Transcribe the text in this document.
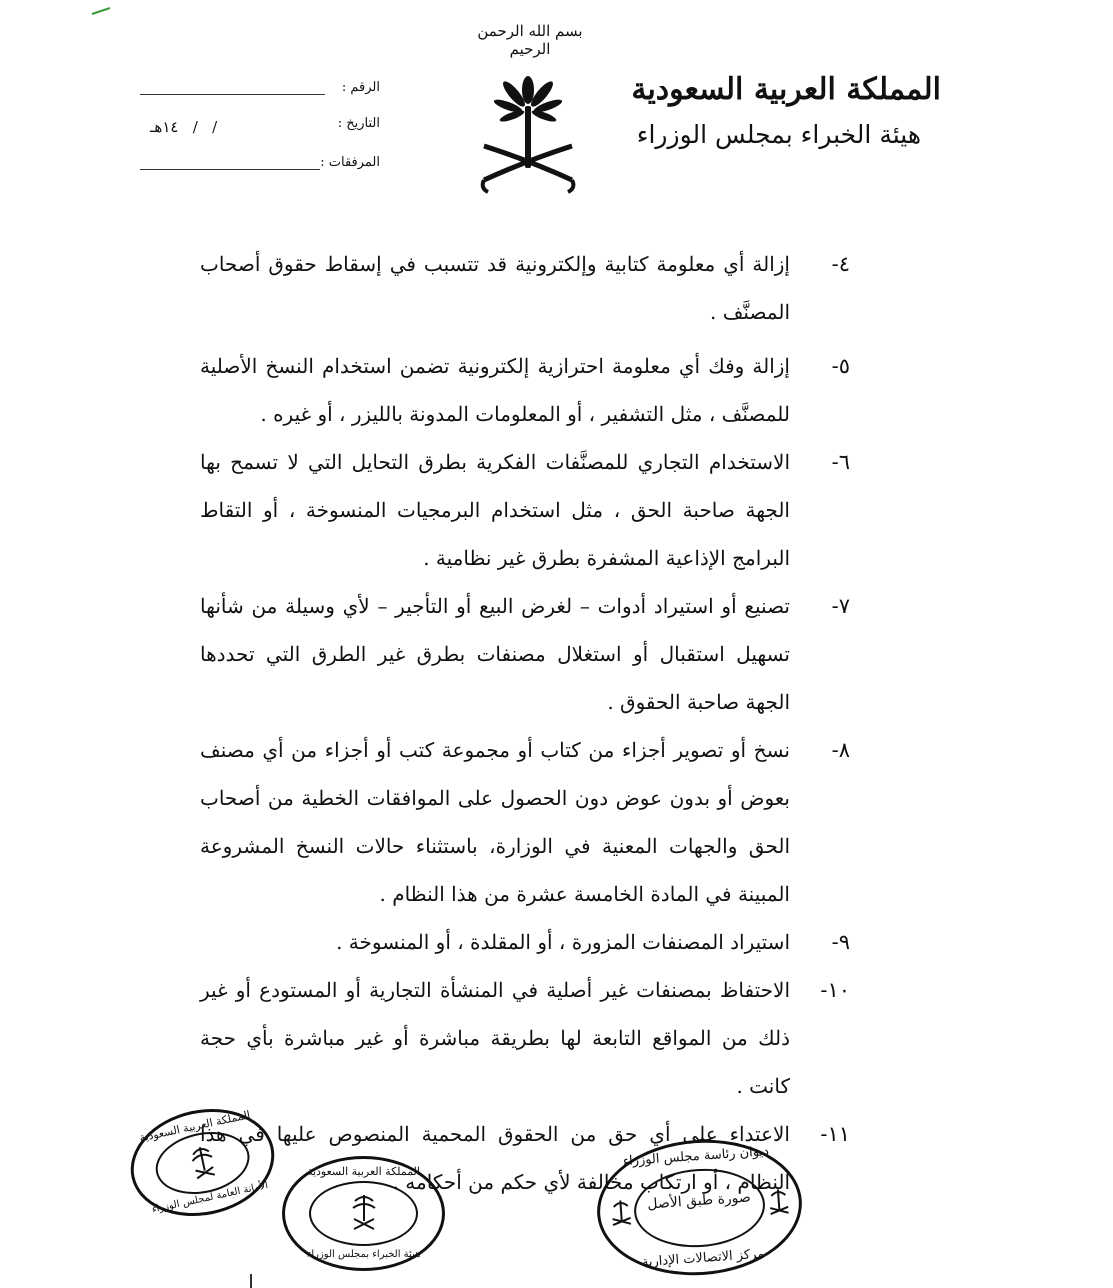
بسم الله الرحمن الرحيم
المملكة العربية السعودية
هيئة الخبراء بمجلس الوزراء
الرقم :
التاريخ :
/   /   ١٤هـ
المرفقات :
٤-
إزالة أي معلومة كتابية وإلكترونية قد تتسبب في إسقاط حقوق أصحاب المصنَّف .
٥-
إزالة وفك أي معلومة احترازية إلكترونية تضمن استخدام النسخ الأصلية للمصنَّف ، مثل التشفير ، أو المعلومات المدونة بالليزر ، أو غيره .
٦-
الاستخدام التجاري للمصنَّفات الفكرية بطرق التحايل التي لا تسمح بها الجهة صاحبة الحق ، مثل استخدام البرمجيات المنسوخة ، أو التقاط البرامج الإذاعية المشفرة بطرق غير نظامية .
٧-
تصنيع أو استيراد أدوات – لغرض البيع أو التأجير – لأي وسيلة من شأنها تسهيل استقبال أو استغلال مصنفات بطرق غير الطرق التي تحددها الجهة صاحبة الحقوق .
٨-
نسخ أو تصوير أجزاء من كتاب أو مجموعة كتب أو أجزاء من أي مصنف بعوض أو بدون عوض دون الحصول على الموافقات الخطية من أصحاب الحق والجهات المعنية في الوزارة، باستثناء حالات النسخ المشروعة المبينة في المادة الخامسة عشرة من هذا النظام .
٩-
استيراد المصنفات المزورة ، أو المقلدة ، أو المنسوخة .
١٠-
الاحتفاظ بمصنفات غير أصلية في المنشأة التجارية أو المستودع أو غير ذلك من المواقع التابعة لها بطريقة مباشرة أو غير مباشرة بأي حجة كانت .
١١-
الاعتداء على أي حق من الحقوق المحمية المنصوص عليها في هذا النظام ، أو ارتكاب مخالفة لأي حكم من أحكامه .
المملكة العربية السعودية
الأمانة العامة لمجلس الوزراء
المملكة العربية السعودية
هيئة الخبراء بمجلس الوزراء
ديوان رئاسة مجلس الوزراء
صورة طبق الأصل
مركز الاتصالات الإدارية
